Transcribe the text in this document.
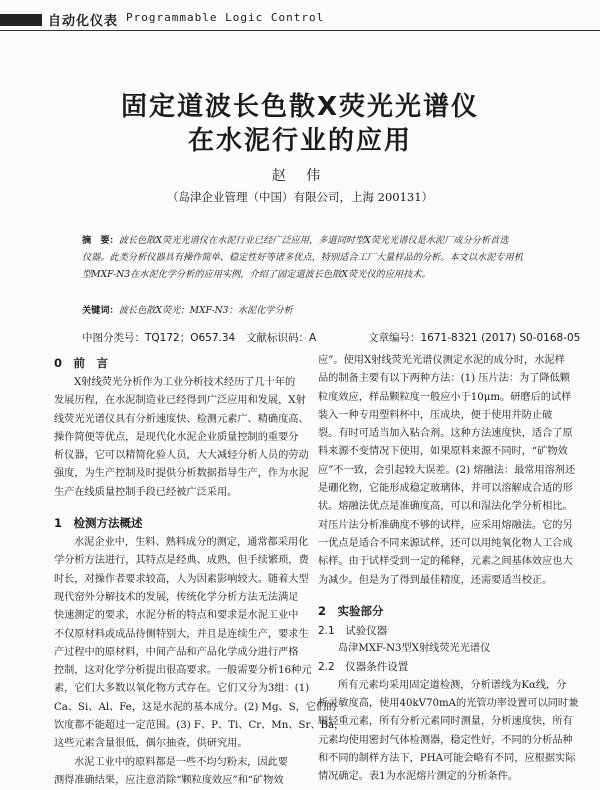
自动化仪表 Programmable Logic Control
固定道波长色散X荧光光谱仪
在水泥行业的应用
赵 伟
（岛津企业管理（中国）有限公司，上海 200131）
摘　要：波长色散X荧光光谱仪在水泥行业已经广泛应用，多道同时型X荧光光谱仪是水泥厂成分分析首选
仪器。此类分析仪器具有操作简单、稳定性好等诸多优点，特别适合工厂大量样品的分析。本文以水泥专用机
型MXF-N3在水泥化学分析的应用实例，介绍了固定道波长色散X荧光仪的应用技术。
关键词：波长色散X荧光；MXF-N3；水泥化学分析
中图分类号：TQ172；O657.34 文献标识码：A	文章编号：1671-8321 (2017) S0-0168-05
0　前　言
X射线荧光分析作为工业分析技术经历了几十年的
发展历程，在水泥制造业已经得到广泛应用和发展，X射
线荧光光谱仪具有分析速度快、检测元素广、精确度高、
操作简便等优点，是现代化水泥企业质量控制的重要分
析仪器，它可以精简化验人员，大大减轻分析人员的劳动
强度，为生产控制及时提供分析数据指导生产，作为水泥
生产在线质量控制手段已经被广泛采用。
1　检测方法概述
水泥企业中，生料、熟料成分的测定，通常都采用化
学分析方法进行，其特点是经典、成熟，但手续繁琐，费
时长，对操作者要求较高，人为因素影响较大。随着大型
现代窑外分解技术的发展，传统化学分析方法无法满足
快速测定的要求，水泥分析的特点和要求是水泥工业中
不仅原材料或成品待侧特别大，并且是连续生产，要求生
产过程中的原材料，中间产品和产品化学成分进行严格
控制，这对化学分析提出很高要求。一般需要分析16种元
素，它们大多数以氧化物方式存在。它们又分为3组：(1)
Ca、Si、Al、Fe，这是水泥的基本成分。(2) Mg、S，它们的
饮度都不能超过一定范围。(3) F、P、Ti、Cr、Mn、Sr、Ba，
这些元素含量很低，偶尔抽查，供研究用。
水泥工业中的原料都是一些不均匀粉末，因此要
测得准确结果，应注意消除“颗粒度效应”和“矿物效
应”。使用X射线荧光光谱仪测定水泥的成分时，水泥样
品的制备主要有以下两种方法：(1) 压片法：为了降低颗
粒度效应，样品颗粒度一般应小于10μm。研磨后的试样
装入一种专用塑料杯中，压成块，便于使用并防止破
裂。有时可适当加入粘合剂。这种方法速度快，适合了原
料来源不变情况下使用，如果原料来源不同时，“矿物效
应”不一致，会引起较大误差。(2) 熔融法：最常用溶剂还
是硼化物，它能形成稳定玻璃体，并可以溶解成合适的形
状。熔融法优点是准确度高，可以和湿法化学分析相比。
对压片法分析准确度不够的试样，应采用熔融法。它的另
一优点是适合不同来源试样，还可以用纯氧化物人工合成
标样。由于试样受到一定的稀释，元素之间基体效应也大
为减少。但是为了得到最佳精度，还需要适当校正。
2　实验部分
2.1　试验仪器
岛津MXF-N3型X射线荧光光谱仪
2.2　仪器条件设置
所有元素均采用固定道检测，分析谱线为Kα线，分
析灵敏度高，使用40kV70mA的光管功率设置可以同时兼
顾轻重元素，所有分析元素同时测量，分析速度快，所有
元素均使用密封气体检测器，稳定性好，不同的分析品种
和不同的制样方法下，PHA可能会略有不同，应根据实际
情况确定。表1为水泥熔片测定的分析条件。
